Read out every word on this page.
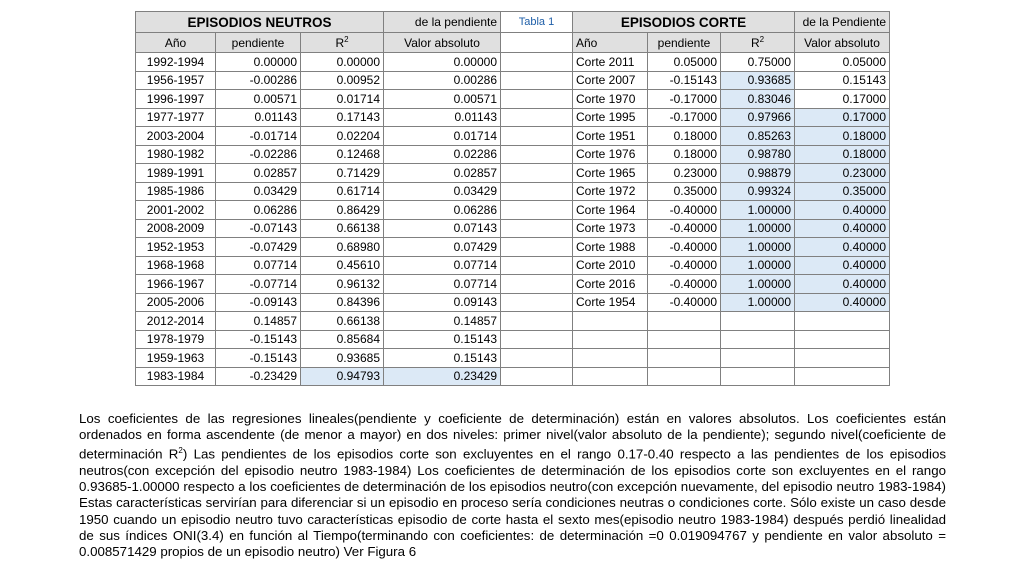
EPISODIOS NEUTROS			de la pendiente	Tabla 1	EPISODIOS CORTE			de la Pendiente
Año	pendiente	$R^2$	Valor absoluto		Año	pendiente	$R^2$	Valor absoluto
1992-1994	0.00000	0.00000	0.00000		Corte 2011	0.05000	0.75000	0.05000
1956-1957	-0.00286	0.00952	0.00286		Corte 2007	-0.15143	0.93685	0.15143
1996-1997	0.00571	0.01714	0.00571		Corte 1970	-0.17000	0.83046	0.17000
1977-1977	0.01143	0.17143	0.01143		Corte 1995	-0.17000	0.97966	0.17000
2003-2004	-0.01714	0.02204	0.01714		Corte 1951	0.18000	0.85263	0.18000
1980-1982	-0.02286	0.12468	0.02286		Corte 1976	0.18000	0.98780	0.18000
1989-1991	0.02857	0.71429	0.02857		Corte 1965	0.23000	0.98879	0.23000
1985-1986	0.03429	0.61714	0.03429		Corte 1972	0.35000	0.99324	0.35000
2001-2002	0.06286	0.86429	0.06286		Corte 1964	-0.40000	1.00000	0.40000
2008-2009	-0.07143	0.66138	0.07143		Corte 1973	-0.40000	1.00000	0.40000
1952-1953	-0.07429	0.68980	0.07429		Corte 1988	-0.40000	1.00000	0.40000
1968-1968	0.07714	0.45610	0.07714		Corte 2010	-0.40000	1.00000	0.40000
1966-1967	-0.07714	0.96132	0.07714		Corte 2016	-0.40000	1.00000	0.40000
2005-2006	-0.09143	0.84396	0.09143		Corte 1954	-0.40000	1.00000	0.40000
2012-2014	0.14857	0.66138	0.14857					
1978-1979	-0.15143	0.85684	0.15143					
1959-1963	-0.15143	0.93685	0.15143					
1983-1984	-0.23429	0.94793	0.23429					
Los coeficientes de las regresiones lineales(pendiente y coeficiente de determinación) están en valores absolutos. Los coeficientes están ordenados en forma ascendente (de menor a mayor) en dos niveles: primer nivel(valor absoluto de la pendiente); segundo nivel(coeficiente de determinación $R^2$) Las pendientes de los episodios corte son excluyentes en el rango 0.17-0.40 respecto a las pendientes de los episodios neutros(con excepción del episodio neutro 1983-1984) Los coeficientes de determinación de los episodios corte son excluyentes en el rango 0.93685-1.00000 respecto a los coeficientes de determinación de los episodios neutro(con excepción nuevamente, del episodio neutro 1983-1984) Estas características servirían para diferenciar si un episodio en proceso sería condiciones neutras o condiciones corte. Sólo existe un caso desde 1950 cuando un episodio neutro tuvo características episodio de corte hasta el sexto mes(episodio neutro 1983-1984) después perdió linealidad de sus índices ONI(3.4) en función al Tiempo(terminando con coeficientes: de determinación =0 0.019094767 y pendiente en valor absoluto = 0.008571429 propios de un episodio neutro) Ver Figura 6
